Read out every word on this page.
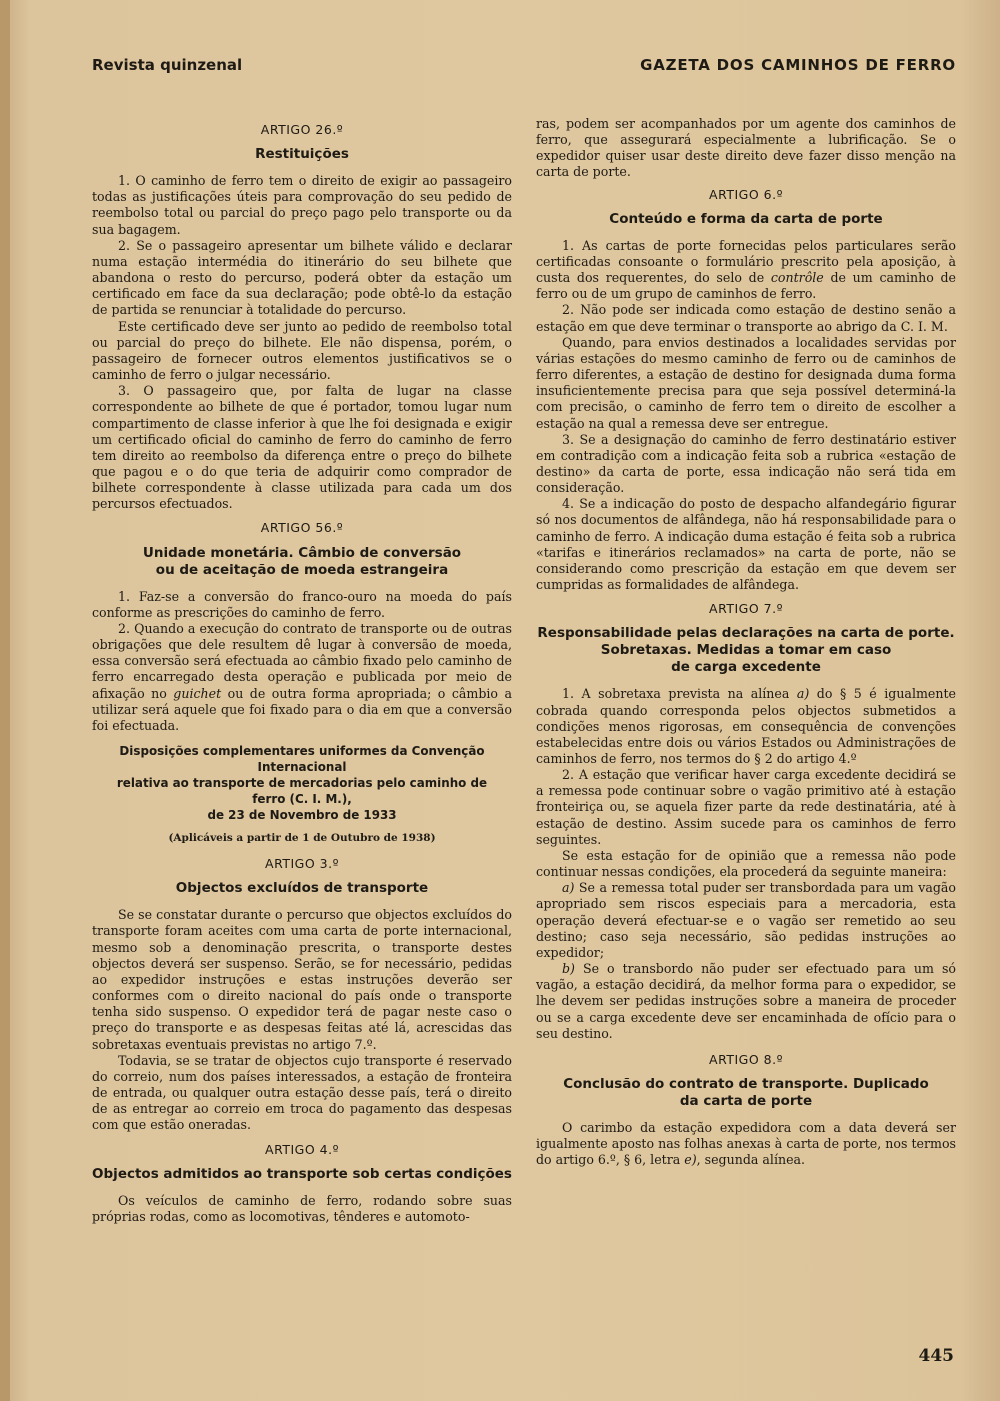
Revista quinzenal	GAZETA DOS CAMINHOS DE FERRO
ARTIGO 26.º
Restituições

1. O caminho de ferro tem o direito de exigir ao passageiro todas as justificações úteis para comprovação do seu pedido de reembolso total ou parcial do preço pago pelo transporte ou da sua bagagem.

2. Se o passageiro apresentar um bilhete válido e declarar numa estação intermédia do itinerário do seu bilhete que abandona o resto do percurso, poderá obter da estação um certificado em face da sua declaração; pode obtê-lo da estação de partida se renunciar à totalidade do percurso.

Este certificado deve ser junto ao pedido de reembolso total ou parcial do preço do bilhete. Ele não dispensa, porém, o passageiro de fornecer outros elementos justificativos se o caminho de ferro o julgar necessário.

3. O passageiro que, por falta de lugar na classe correspondente ao bilhete de que é portador, tomou lugar num compartimento de classe inferior à que lhe foi designada e exigir um certificado oficial do caminho de ferro do caminho de ferro tem direito ao reembolso da diferença entre o preço do bilhete que pagou e o do que teria de adquirir como comprador de bilhete correspondente à classe utilizada para cada um dos percursos efectuados.

ARTIGO 56.º
Unidade monetária. Câmbio de conversão
ou de aceitação de moeda estrangeira

1. Faz-se a conversão do franco-ouro na moeda do país conforme as prescrições do caminho de ferro.

2. Quando a execução do contrato de transporte ou de outras obrigações que dele resultem dê lugar à conversão de moeda, essa conversão será efectuada ao câmbio fixado pelo caminho de ferro encarregado desta operação e publicada por meio de afixação no guichet ou de outra forma apropriada; o câmbio a utilizar será aquele que foi fixado para o dia em que a conversão foi efectuada.

Disposições complementares uniformes da Convenção Internacional
relativa ao transporte de mercadorias pelo caminho de ferro (C. I. M.),
de 23 de Novembro de 1933
(Aplicáveis a partir de 1 de Outubro de 1938)
ARTIGO 3.º
Objectos excluídos de transporte

Se se constatar durante o percurso que objectos excluídos do transporte foram aceites com uma carta de porte internacional, mesmo sob a denominação prescrita, o transporte destes objectos deverá ser suspenso. Serão, se for necessário, pedidas ao expedidor instruções e estas instruções deverão ser conformes com o direito nacional do país onde o transporte tenha sido suspenso. O expedidor terá de pagar neste caso o preço do transporte e as despesas feitas até lá, acrescidas das sobretaxas eventuais previstas no artigo 7.º.

Todavia, se se tratar de objectos cujo transporte é reservado do correio, num dos países interessados, a estação de fronteira de entrada, ou qualquer outra estação desse país, terá o direito de as entregar ao correio em troca do pagamento das despesas com que estão oneradas.

ARTIGO 4.º
Objectos admitidos ao transporte sob certas condições

Os veículos de caminho de ferro, rodando sobre suas próprias rodas, como as locomotivas, tênderes e automoto-

ras, podem ser acompanhados por um agente dos caminhos de ferro, que assegurará especialmente a lubrificação. Se o expedidor quiser usar deste direito deve fazer disso menção na carta de porte.

ARTIGO 6.º
Conteúdo e forma da carta de porte

1. As cartas de porte fornecidas pelos particulares serão certificadas consoante o formulário prescrito pela aposição, à custa dos requerentes, do selo de contrôle de um caminho de ferro ou de um grupo de caminhos de ferro.

2. Não pode ser indicada como estação de destino senão a estação em que deve terminar o transporte ao abrigo da C. I. M.

Quando, para envios destinados a localidades servidas por várias estações do mesmo caminho de ferro ou de caminhos de ferro diferentes, a estação de destino for designada duma forma insuficientemente precisa para que seja possível determiná-la com precisão, o caminho de ferro tem o direito de escolher a estação na qual a remessa deve ser entregue.

3. Se a designação do caminho de ferro destinatário estiver em contradição com a indicação feita sob a rubrica «estação de destino» da carta de porte, essa indicação não será tida em consideração.

4. Se a indicação do posto de despacho alfandegário figurar só nos documentos de alfândega, não há responsabilidade para o caminho de ferro. A indicação duma estação é feita sob a rubrica «tarifas e itinerários reclamados» na carta de porte, não se considerando como prescrição da estação em que devem ser cumpridas as formalidades de alfândega.

ARTIGO 7.º
Responsabilidade pelas declarações na carta de porte.
Sobretaxas. Medidas a tomar em caso
de carga excedente

1. A sobretaxa prevista na alínea a) do § 5 é igualmente cobrada quando corresponda pelos objectos submetidos a condições menos rigorosas, em consequência de convenções estabelecidas entre dois ou vários Estados ou Administrações de caminhos de ferro, nos termos do § 2 do artigo 4.º

2. A estação que verificar haver carga excedente decidirá se a remessa pode continuar sobre o vagão primitivo até à estação fronteiriça ou, se aquela fizer parte da rede destinatária, até à estação de destino. Assim sucede para os caminhos de ferro seguintes.

Se esta estação for de opinião que a remessa não pode continuar nessas condições, ela procederá da seguinte maneira:

a) Se a remessa total puder ser transbordada para um vagão apropriado sem riscos especiais para a mercadoria, esta operação deverá efectuar-se e o vagão ser remetido ao seu destino; caso seja necessário, são pedidas instruções ao expedidor;

b) Se o transbordo não puder ser efectuado para um só vagão, a estação decidirá, da melhor forma para o expedidor, se lhe devem ser pedidas instruções sobre a maneira de proceder ou se a carga excedente deve ser encaminhada de ofício para o seu destino.

ARTIGO 8.º
Conclusão do contrato de transporte. Duplicado
da carta de porte

O carimbo da estação expedidora com a data deverá ser igualmente aposto nas folhas anexas à carta de porte, nos termos do artigo 6.º, § 6, letra e), segunda alínea.

445
